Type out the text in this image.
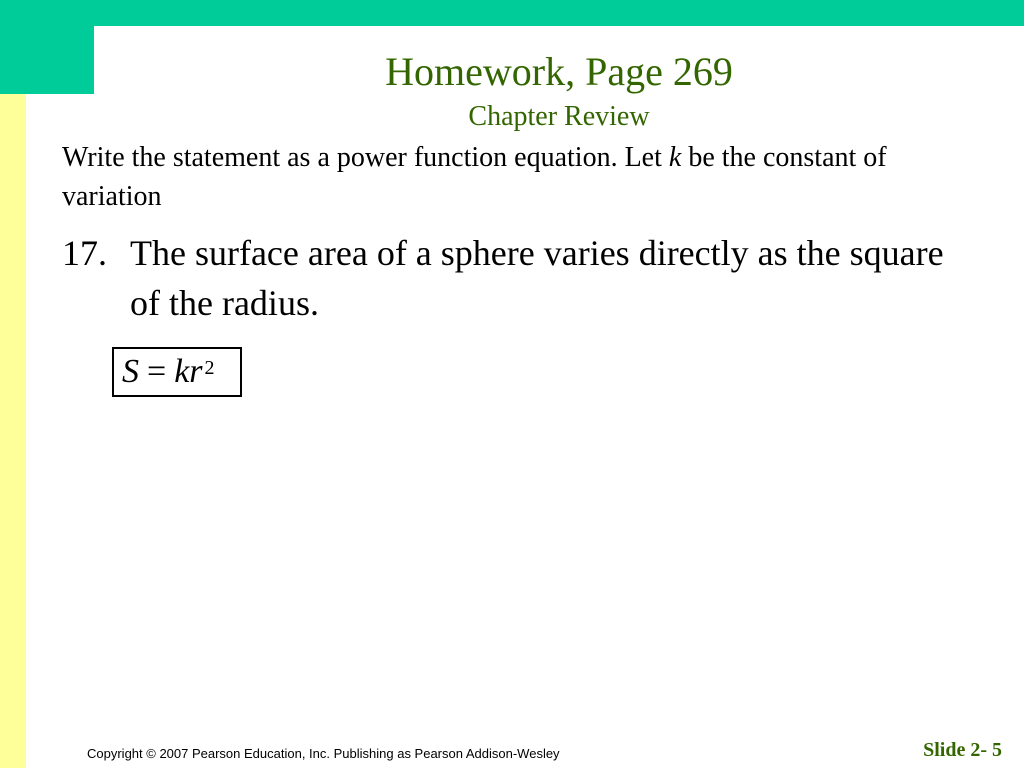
Homework, Page 269
Chapter Review
Write the statement as a power function equation. Let k be the constant of variation
17. The surface area of a sphere varies directly as the square of the radius.
$S = kr^2$
Copyright © 2007 Pearson Education, Inc. Publishing as Pearson Addison-Wesley	Slide 2- 5
